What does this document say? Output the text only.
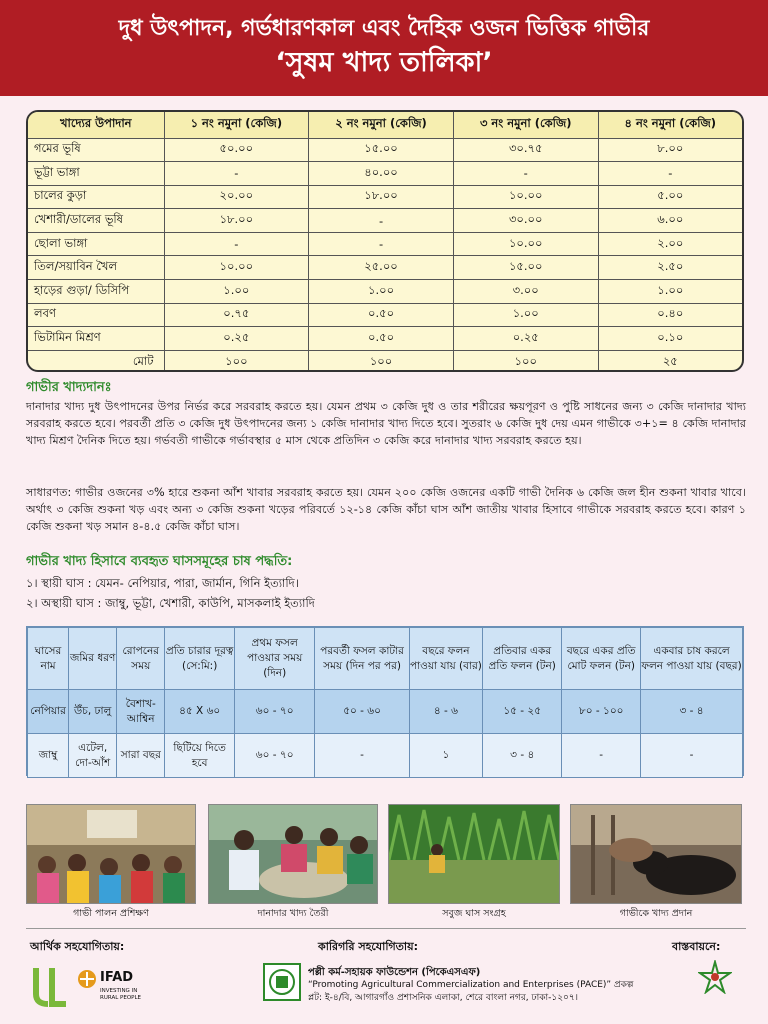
দুধ উৎপাদন, গর্ভধারণকাল এবং দৈহিক ওজন ভিত্তিক গাভীর
‘সুষম খাদ্য তালিকা’
খাদ্যের উপাদান	১ নং নমুনা (কেজি)	২ নং নমুনা (কেজি)	৩ নং নমুনা (কেজি)	৪ নং নমুনা (কেজি)
গমের ভূষি	৫০.০০	১৫.০০	৩০.৭৫	৮.০০
ভূট্টা ভাঙ্গা	-	৪০.০০	-	-
চালের কুড়া	২০.০০	১৮.০০	১০.০০	৫.০০
খেশারী/ডালের ভূষি	১৮.০০	-	৩০.০০	৬.০০
ছোলা ভাঙ্গা	-	-	১০.০০	২.০০
তিল/সয়াবিন খৈল	১০.০০	২৫.০০	১৫.০০	২.৫০
হাড়ের গুড়া/ ডিসিপি	১.০০	১.০০	৩.০০	১.০০
লবণ	০.৭৫	০.৫০	১.০০	০.৪০
ভিটামিন মিশ্রণ	০.২৫	০.৫০	০.২৫	০.১০
মোট	১০০	১০০	১০০	২৫
গাভীর খাদ্যদানঃ
দানাদার খাদ্য দুধ উৎপাদনের উপর নির্ভর করে সরবরাহ করতে হয়। যেমন প্রথম ৩ কেজি দুধ ও তার শরীরের ক্ষয়পূরণ ও পুষ্টি সাধনের জন্য ৩ কেজি দানাদার খাদ্য সরবরাহ করতে হবে। পরবর্তী প্রতি ৩ কেজি দুধ উৎপাদনের জন্য ১ কেজি দানাদার খাদ্য দিতে হবে। সুতরাং ৬ কেজি দুধ দেয় এমন গাভীকে ৩+১= ৪ কেজি দানাদার খাদ্য মিশ্রণ দৈনিক দিতে হয়। গর্ভবতী গাভীকে গর্ভাবস্থার ৫ মাস থেকে প্রতিদিন ৩ কেজি করে দানাদার খাদ্য সরবরাহ করতে হয়।
সাধারণত: গাভীর ওজনের ৩% হারে শুকনা আঁশ খাবার সরবরাহ করতে হয়। যেমন ২০০ কেজি ওজনের একটি গাভী দৈনিক ৬ কেজি জল হীন শুকনা খাবার খাবে। অর্থাৎ ৩ কেজি শুকনা খড় এবং অন্য ৩ কেজি শুকনা খড়ের পরিবর্তে ১২-১৪ কেজি কাঁচা ঘাস আঁশ জাতীয় খাবার হিসাবে গাভীকে সরবরাহ করতে হবে। কারণ ১ কেজি শুকনা খড় সমান ৪-৪.৫ কেজি কাঁচা ঘাস।
গাভীর খাদ্য হিসাবে ব্যবহৃত ঘাসসমূহের চাষ পদ্ধতি:
১। স্থায়ী ঘাস : যেমন- নেপিয়ার, পারা, জার্মান, গিনি ইত্যাদি।
২। অস্থায়ী ঘাস : জাম্বু, ভূট্টা, খেশারী, কাউপি, মাসকলাই ইত্যাদি
ঘাসের নাম	জমির ধরণ	রোপনের সময়	প্রতি চারার দূরত্ব (সে:মি:)	প্রথম ফসল পাওয়ার সময় (দিন)	পরবর্তী ফসল কাটার সময় (দিন পর পর)	বছরে ফলন পাওয়া যায় (বার)	প্রতিবার একর প্রতি ফলন (টন)	বছরে একর প্রতি মোট ফলন (টন)	একবার চাষ করলে ফলন পাওয়া যায় (বছর)
নেপিয়ার	উঁচ, ঢালু	বৈশাখ-আশ্বিন	৪৫ X ৬০	৬০ - ৭০	৫০ - ৬০	৪ - ৬	১৫ - ২৫	৮০ - ১০০	৩ - ৪
জাম্বু	এটেল, দো-আঁশ	সারা বছর	ছিটিয়ে দিতে হবে	৬০ - ৭০	-	১	৩ - ৪	-	-
গাভী পালন প্রশিক্ষণ	দানাদার খাদ্য তৈরী	সবুজ ঘাস সংগ্রহ	গাভীকে খাদ্য প্রদান
আর্থিক সহযোগিতায়:	কারিগরি সহযোগিতায়:	বাস্তবায়নে:
IFAD
INVESTING IN RURAL PEOPLE
পল্লী কর্ম-সহায়ক ফাউন্ডেশন (পিকেএসএফ)
“Promoting Agricultural Commercialization and Enterprises (PACE)” প্রকল্প
প্লট: ই-৪/বি, আগারগাঁও প্রশাসনিক এলাকা, শেরে বাংলা নগর, ঢাকা-১২০৭।
